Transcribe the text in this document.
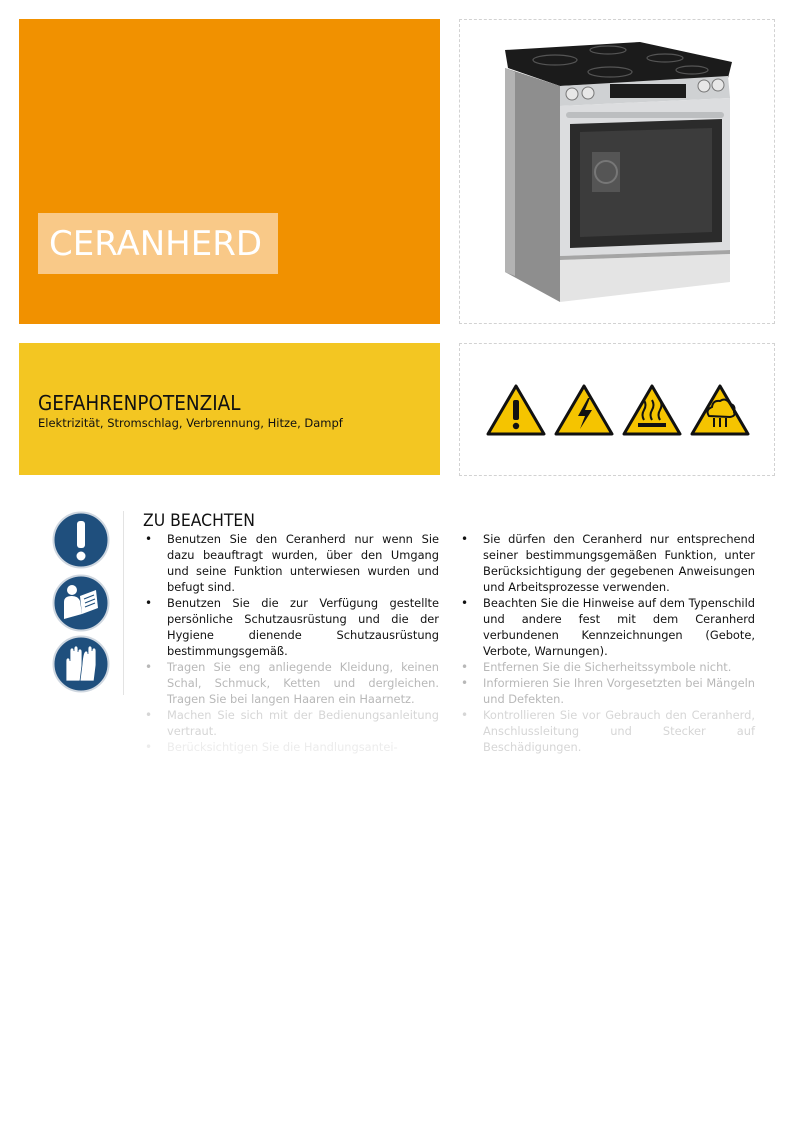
CERANHERD
GEFAHRENPOTENZIAL
Elektrizität, Stromschlag, Verbrennung, Hitze, Dampf
ZU BEACHTEN
• Benutzen Sie den Ceranherd nur wenn Sie dazu beauftragt wurden, über den Umgang und seine Funktion unterwiesen wurden und befugt sind.
• Benutzen Sie die zur Verfügung gestellte persönliche Schutzausrüstung und die der Hygiene dienende Schutzausrüstung bestimmungsgemäß.
• Tragen Sie eng anliegende Kleidung, keinen Schal, Schmuck, Ketten und dergleichen. Tragen Sie bei langen Haaren ein Haarnetz.
• Machen Sie sich mit der Bedienungsanleitung vertraut.
• Berücksichtigen Sie die Handlungsantei-
• Sie dürfen den Ceranherd nur entsprechend seiner bestimmungsgemäßen Funktion, unter Berücksichtigung der gegebenen Anweisungen und Arbeitsprozesse verwenden.
• Beachten Sie die Hinweise auf dem Typenschild und andere fest mit dem Ceranherd verbundenen Kennzeichnungen (Gebote, Verbote, Warnungen).
• Entfernen Sie die Sicherheitssymbole nicht.
• Informieren Sie Ihren Vorgesetzten bei Mängeln und Defekten.
• Kontrollieren Sie vor Gebrauch den Ceranherd, Anschlussleitung und Stecker auf Beschädigungen.
